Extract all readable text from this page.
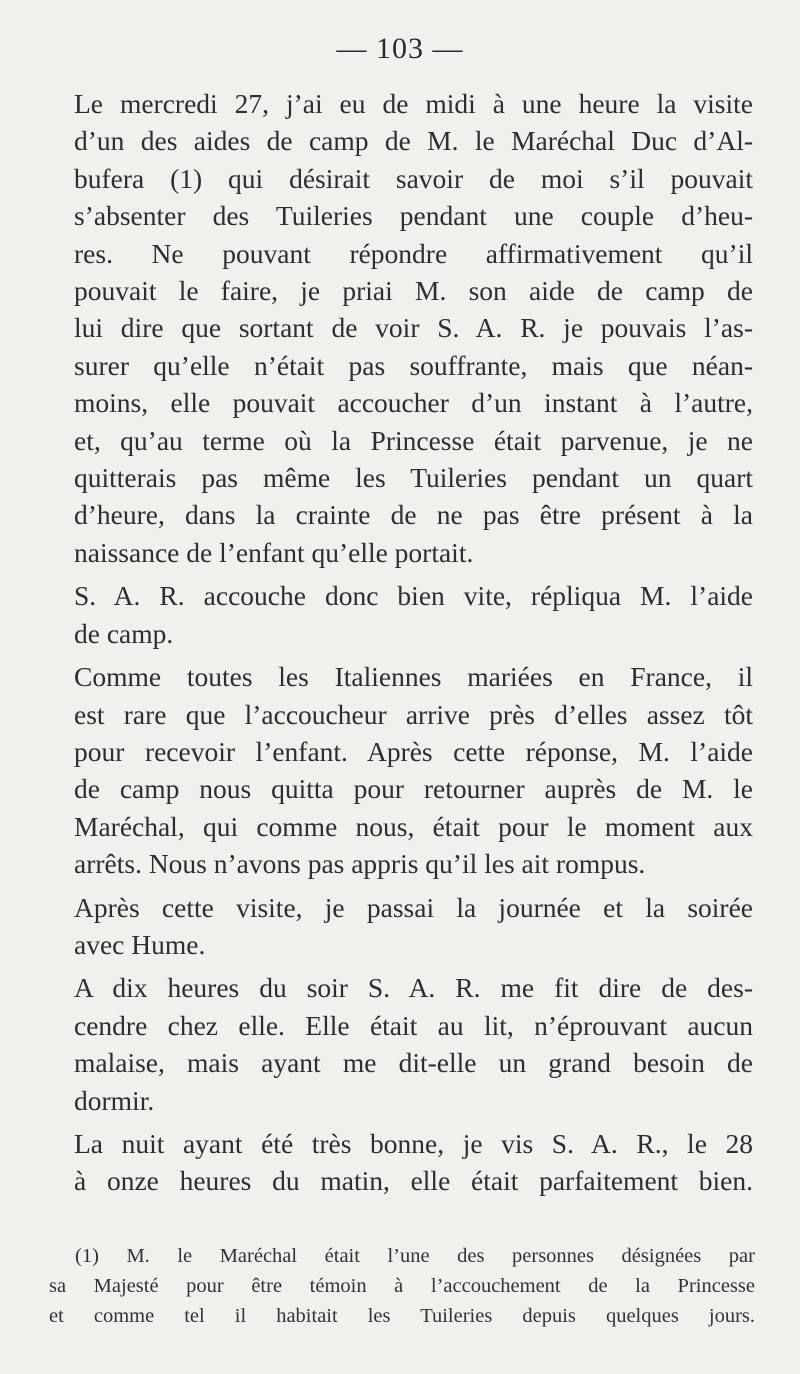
— 103 —

Le mercredi 27, j’ai eu de midi à une heure la visite
d’un des aides de camp de M. le Maréchal Duc d’Al-
bufera (1) qui désirait savoir de moi s’il pouvait
s’absenter des Tuileries pendant une couple d’heu-
res. Ne pouvant répondre affirmativement qu’il
pouvait le faire, je priai M. son aide de camp de
lui dire que sortant de voir S. A. R. je pouvais l’as-
surer qu’elle n’était pas souffrante, mais que néan-
moins, elle pouvait accoucher d’un instant à l’autre,
et, qu’au terme où la Princesse était parvenue, je ne
quitterais pas même les Tuileries pendant un quart
d’heure, dans la crainte de ne pas être présent à la
naissance de l’enfant qu’elle portait.

S. A. R. accouche donc bien vite, répliqua M. l’aide
de camp.

Comme toutes les Italiennes mariées en France, il
est rare que l’accoucheur arrive près d’elles assez tôt
pour recevoir l’enfant. Après cette réponse, M. l’aide
de camp nous quitta pour retourner auprès de M. le
Maréchal, qui comme nous, était pour le moment aux
arrêts. Nous n’avons pas appris qu’il les ait rompus.

Après cette visite, je passai la journée et la soirée
avec Hume.

A dix heures du soir S. A. R. me fit dire de des-
cendre chez elle. Elle était au lit, n’éprouvant aucun
malaise, mais ayant me dit-elle un grand besoin de
dormir.

La nuit ayant été très bonne, je vis S. A. R., le 28
à onze heures du matin, elle était parfaitement bien.

(1) M. le Maréchal était l’une des personnes désignées par
sa Majesté pour être témoin à l’accouchement de la Princesse
et comme tel il habitait les Tuileries depuis quelques jours.
